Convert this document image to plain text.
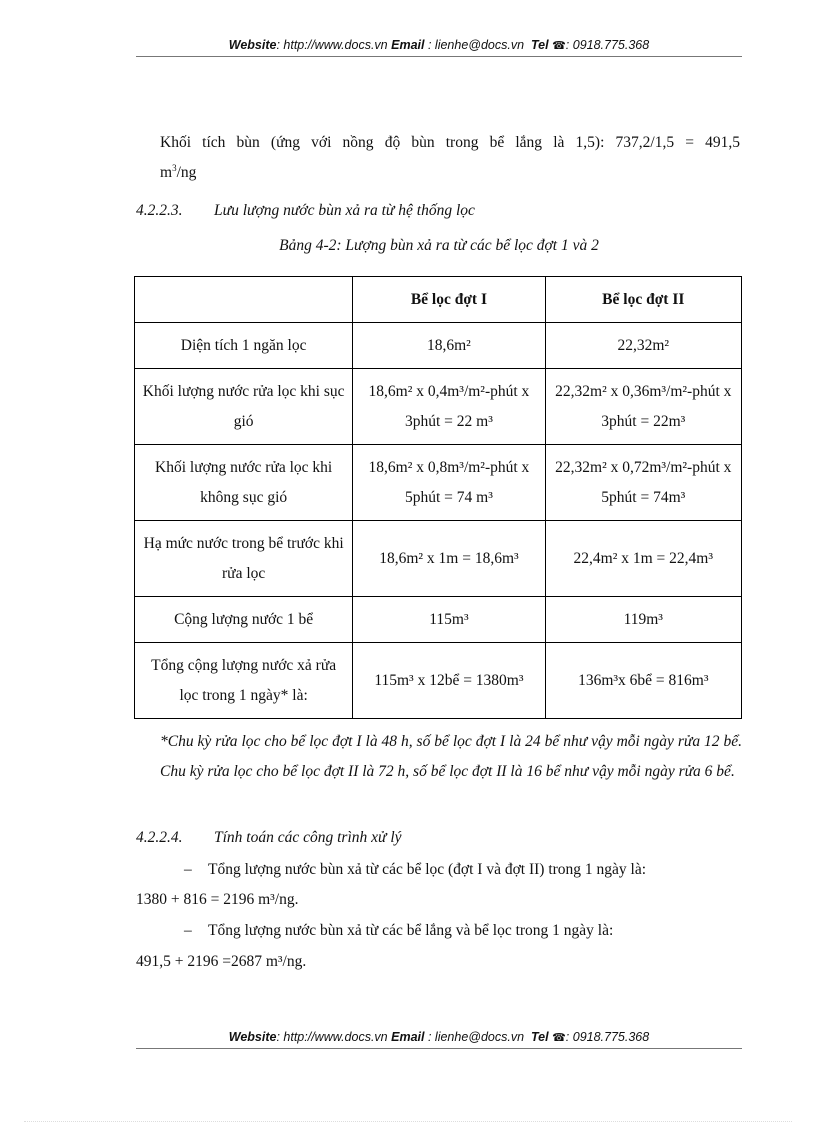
Website: http://www.docs.vn Email : lienhe@docs.vn Tel ☎: 0918.775.368
Khối tích bùn (ứng với nồng độ bùn trong bể lắng là 1,5): 737,2/1,5 = 491,5
$m^3/ng$
4.2.2.3. Lưu lượng nước bùn xả ra từ hệ thống lọc
Bảng 4-2: Lượng bùn xả ra từ các bể lọc đợt 1 và 2
	Bể lọc đợt I	Bể lọc đợt II
Diện tích 1 ngăn lọc	18,6m²	22,32m²
Khối lượng nước rửa lọc khi sục gió	18,6m² x 0,4m³/m²-phút x 3phút = 22 m³	22,32m² x 0,36m³/m²-phút x 3phút = 22m³
Khối lượng nước rửa lọc khi không sục gió	18,6m² x 0,8m³/m²-phút x 5phút = 74 m³	22,32m² x 0,72m³/m²-phút x 5phút = 74m³
Hạ mức nước trong bể trước khi rửa lọc	18,6m² x 1m = 18,6m³	22,4m² x 1m = 22,4m³
Cộng lượng nước 1 bể	115m³	119m³
Tổng cộng lượng nước xả rửa lọc trong 1 ngày* là:	115m³ x 12bể = 1380m³	136m³x 6bể = 816m³
*Chu kỳ rửa lọc cho bể lọc đợt I là 48 h, số bể lọc đợt I là 24 bể như vậy mỗi ngày rửa 12 bể. Chu kỳ rửa lọc cho bể lọc đợt II là 72 h, số bể lọc đợt II là 16 bể như vậy mỗi ngày rửa 6 bể.
4.2.2.4. Tính toán các công trình xử lý
– Tổng lượng nước bùn xả từ các bể lọc (đợt I và đợt II) trong 1 ngày là:
1380 + 816 = 2196 m³/ng.
– Tổng lượng nước bùn xả từ các bể lắng và bể lọc trong 1 ngày là:
491,5 + 2196 =2687 m³/ng.
Website: http://www.docs.vn Email : lienhe@docs.vn Tel ☎: 0918.775.368
